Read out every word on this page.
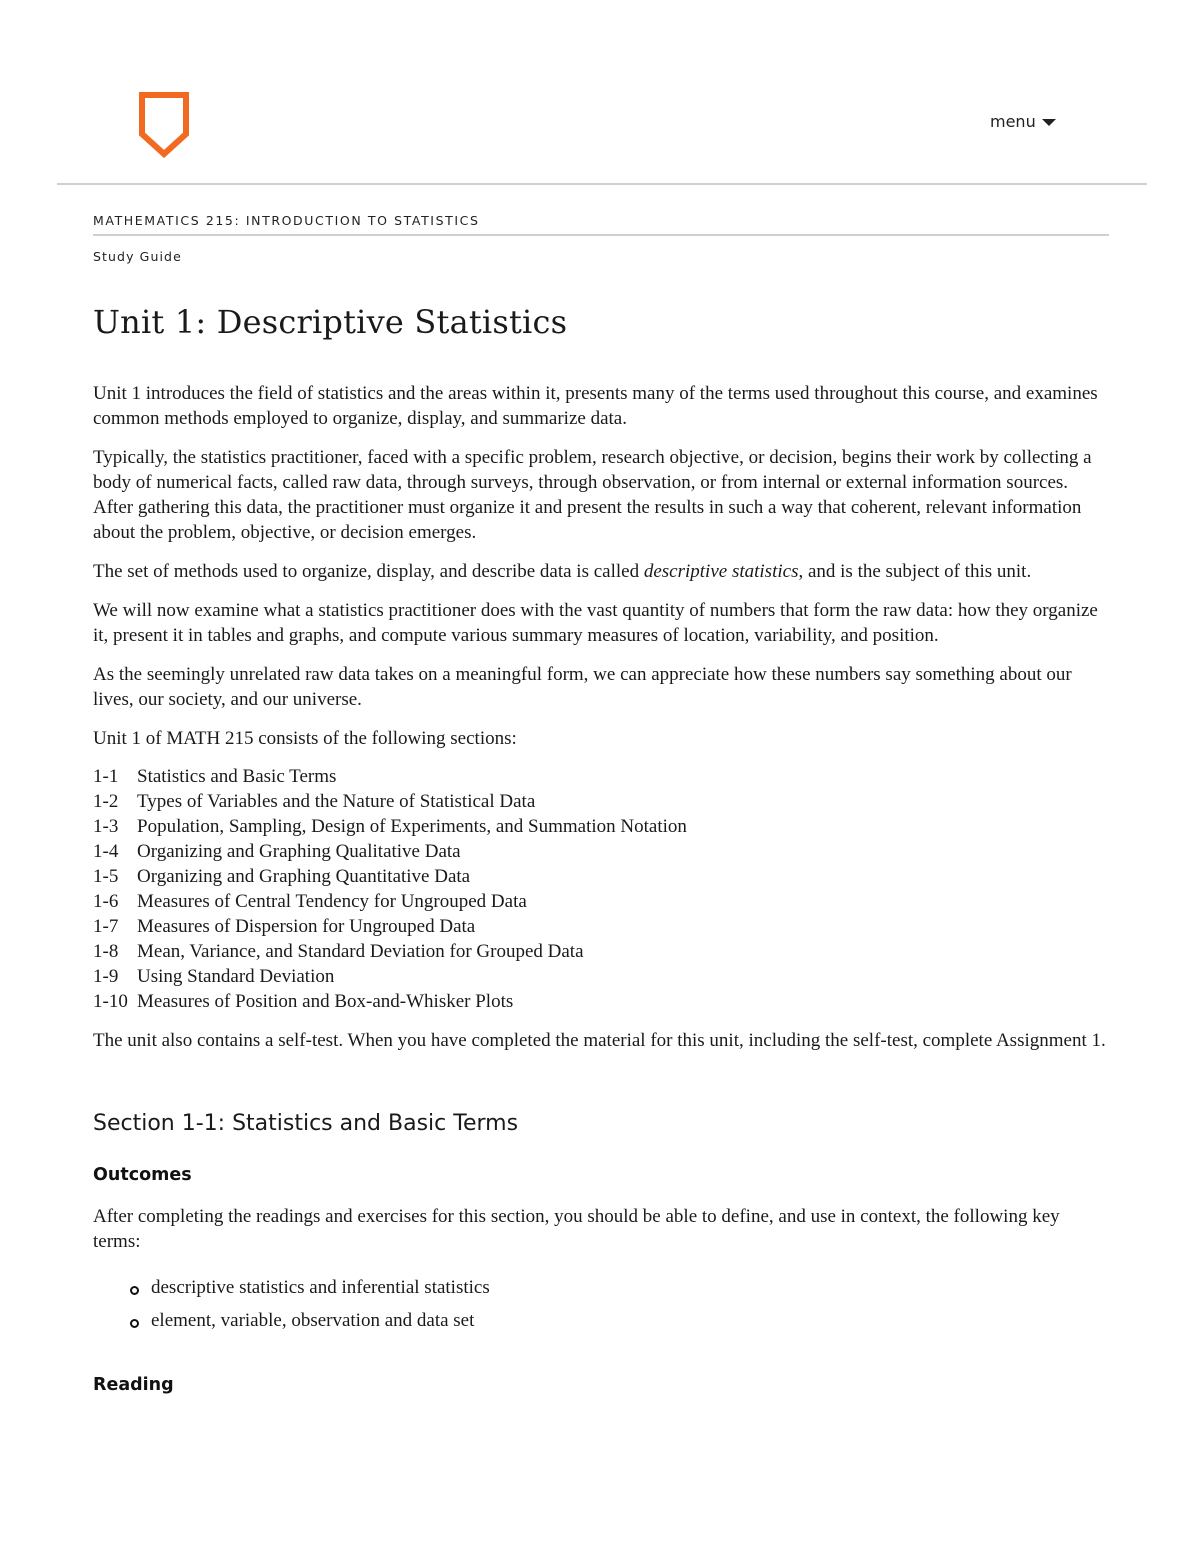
menu
MATHEMATICS 215: INTRODUCTION TO STATISTICS
Study Guide
Unit 1: Descriptive Statistics

Unit 1 introduces the field of statistics and the areas within it, presents many of the terms used throughout this course, and examines common methods employed to organize, display, and summarize data.

Typically, the statistics practitioner, faced with a specific problem, research objective, or decision, begins their work by collecting a body of numerical facts, called raw data, through surveys, through observation, or from internal or external information sources. After gathering this data, the practitioner must organize it and present the results in such a way that coherent, relevant information about the problem, objective, or decision emerges.

The set of methods used to organize, display, and describe data is called descriptive statistics, and is the subject of this unit.

We will now examine what a statistics practitioner does with the vast quantity of numbers that form the raw data: how they organize it, present it in tables and graphs, and compute various summary measures of location, variability, and position.

As the seemingly unrelated raw data takes on a meaningful form, we can appreciate how these numbers say something about our lives, our society, and our universe.

Unit 1 of MATH 215 consists of the following sections:

1-1 Statistics and Basic Terms
1-2 Types of Variables and the Nature of Statistical Data
1-3 Population, Sampling, Design of Experiments, and Summation Notation
1-4 Organizing and Graphing Qualitative Data
1-5 Organizing and Graphing Quantitative Data
1-6 Measures of Central Tendency for Ungrouped Data
1-7 Measures of Dispersion for Ungrouped Data
1-8 Mean, Variance, and Standard Deviation for Grouped Data
1-9 Using Standard Deviation
1-10 Measures of Position and Box-and-Whisker Plots

The unit also contains a self-test. When you have completed the material for this unit, including the self-test, complete Assignment 1.

Section 1-1: Statistics and Basic Terms
Outcomes

After completing the readings and exercises for this section, you should be able to define, and use in context, the following key terms:

descriptive statistics and inferential statistics
element, variable, observation and data set
Reading
